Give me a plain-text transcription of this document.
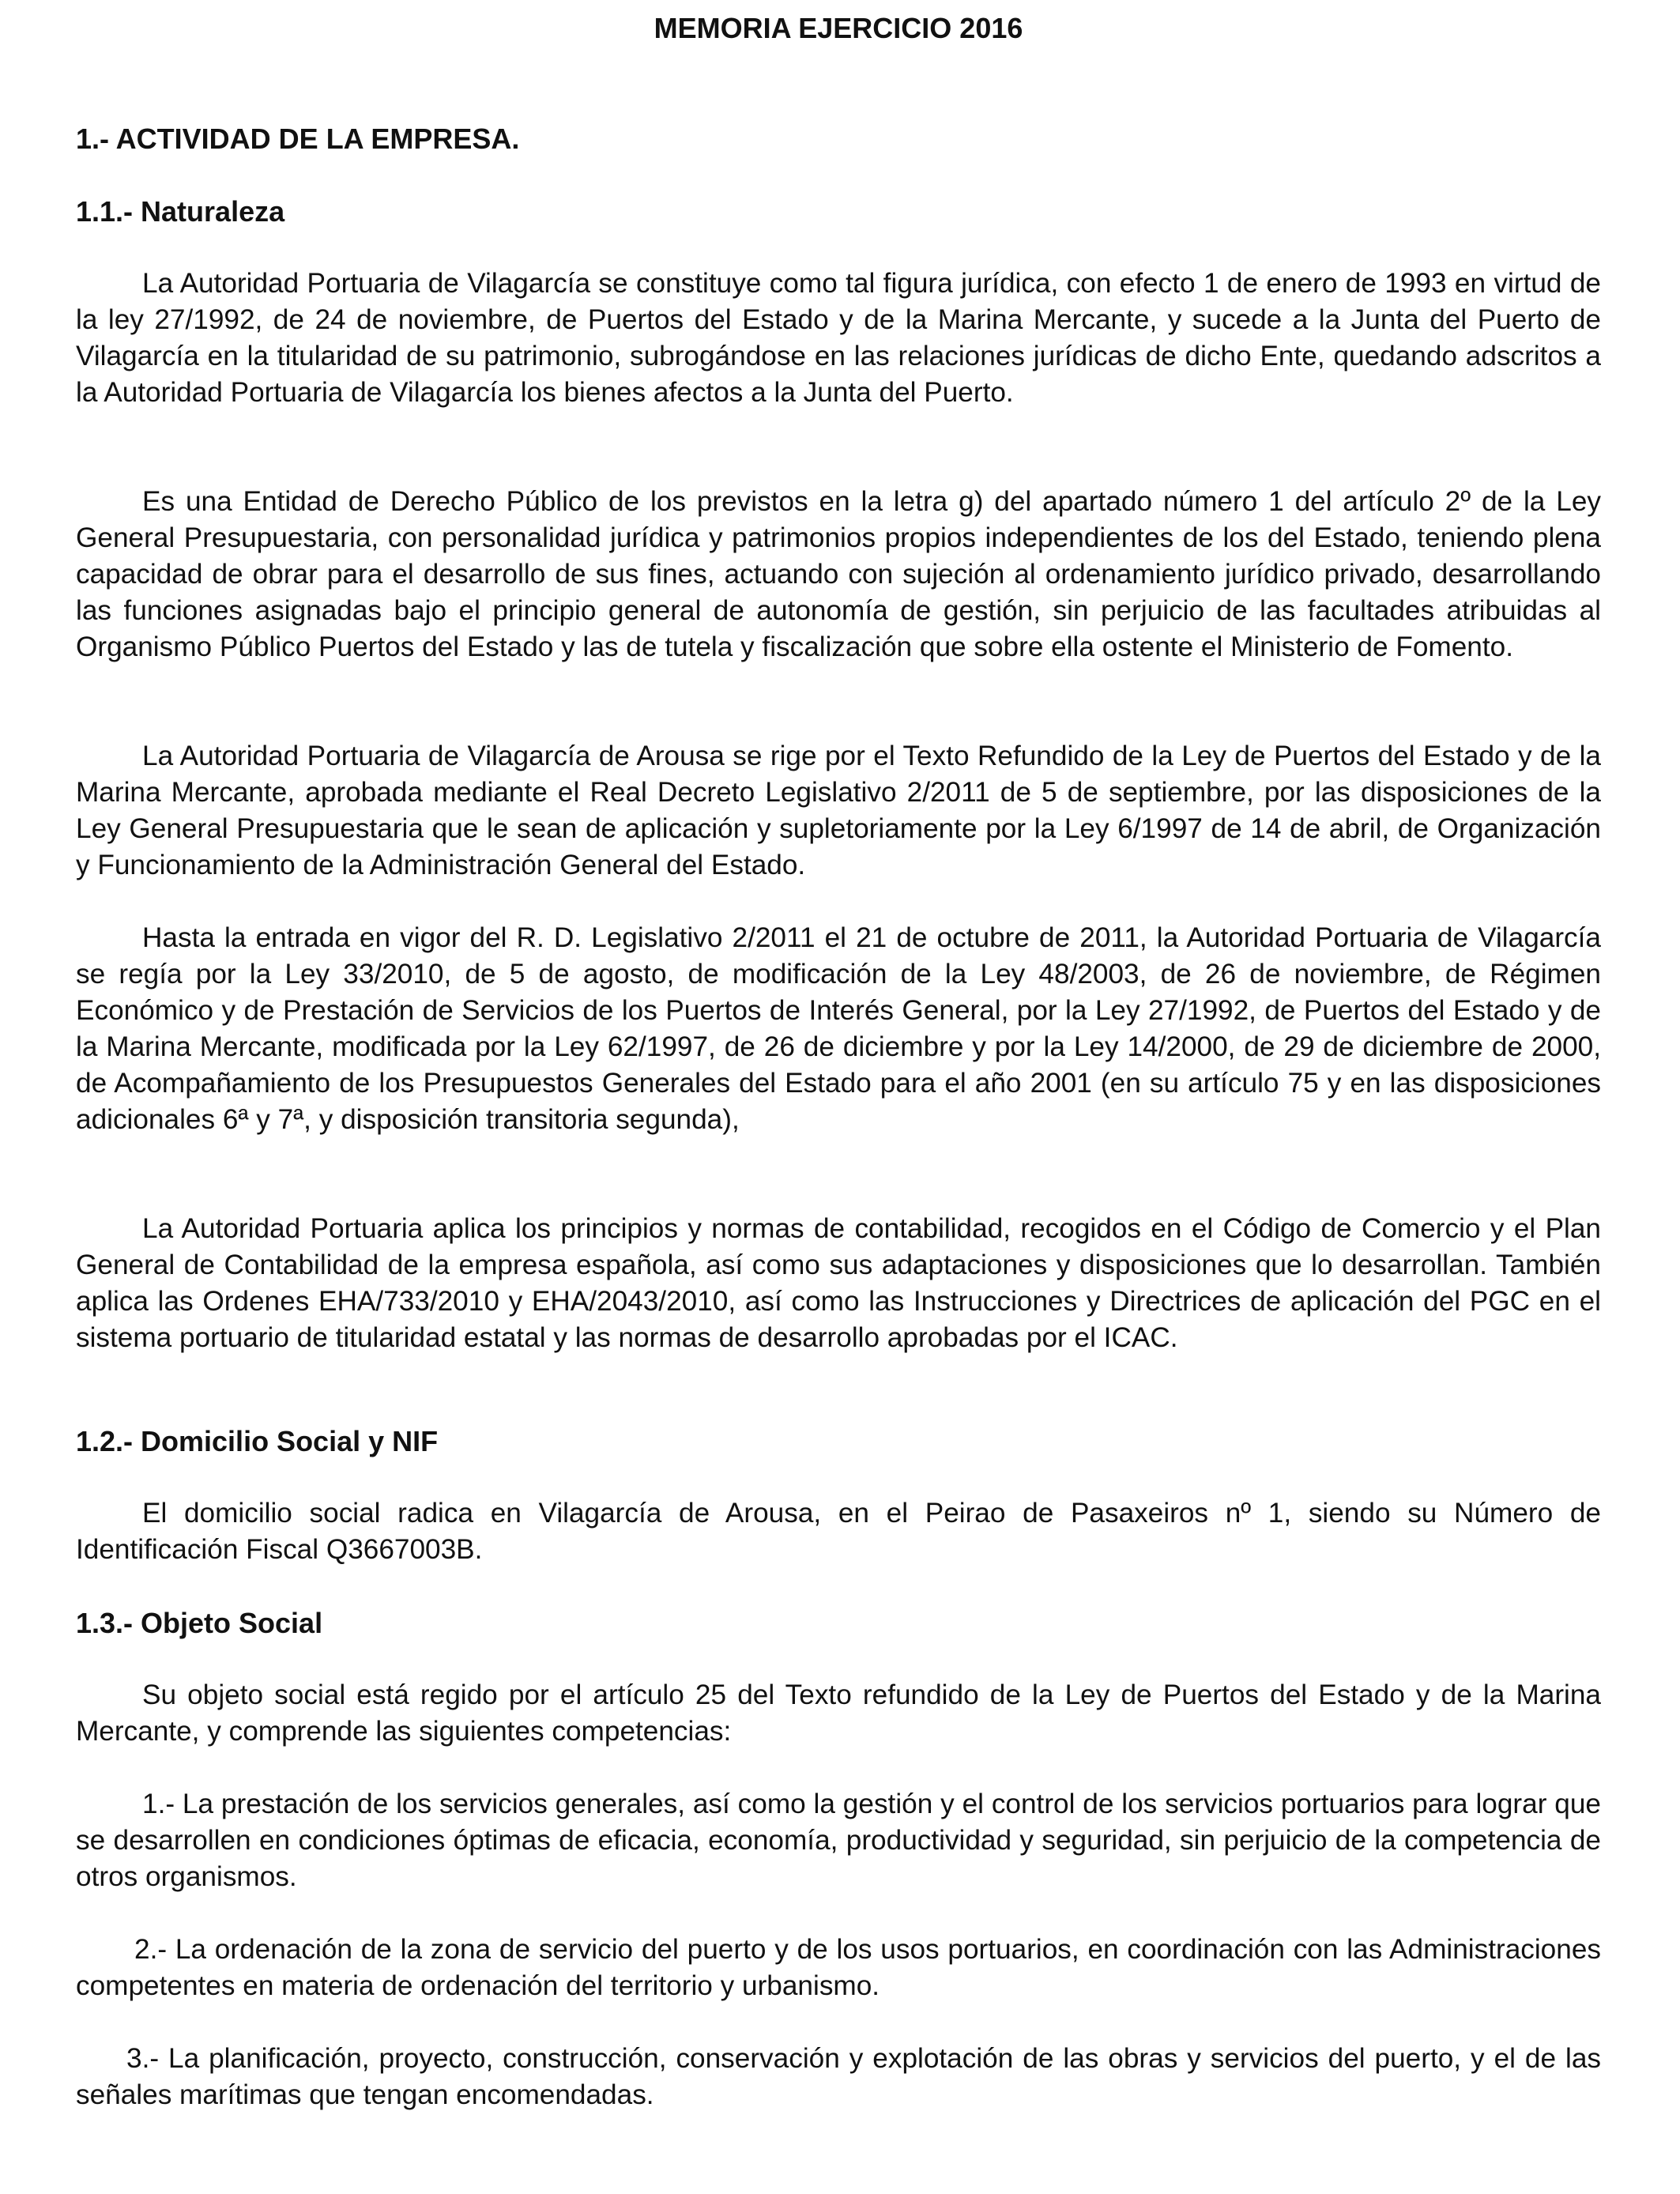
MEMORIA EJERCICIO 2016
1.- ACTIVIDAD DE LA EMPRESA.
1.1.- Naturaleza

La Autoridad Portuaria de Vilagarcía se constituye como tal figura jurídica, con efecto 1 de enero de 1993 en virtud de la ley 27/1992, de 24 de noviembre, de Puertos del Estado y de la Marina Mercante, y sucede a la Junta del Puerto de Vilagarcía en la titularidad de su patrimonio, subrogándose en las relaciones jurídicas de dicho Ente, quedando adscritos a la Autoridad Portuaria de Vilagarcía los bienes afectos a la Junta del Puerto.

Es una Entidad de Derecho Público de los previstos en la letra g) del apartado número 1 del artículo 2º de la Ley General Presupuestaria, con personalidad jurídica y patrimonios propios independientes de los del Estado, teniendo plena capacidad de obrar para el desarrollo de sus fines, actuando con sujeción al ordenamiento jurídico privado, desarrollando las funciones asignadas bajo el principio general de autonomía de gestión, sin perjuicio de las facultades atribuidas al Organismo Público Puertos del Estado y las de tutela y fiscalización que sobre ella ostente el Ministerio de Fomento.

La Autoridad Portuaria de Vilagarcía de Arousa se rige por el Texto Refundido de la Ley de Puertos del Estado y de la Marina Mercante, aprobada mediante el Real Decreto Legislativo 2/2011 de 5 de septiembre, por las disposiciones de la Ley General Presupuestaria que le sean de aplicación y supletoriamente por la Ley 6/1997 de 14 de abril, de Organización y Funcionamiento de la Administración General del Estado.

Hasta la entrada en vigor del R. D. Legislativo 2/2011 el 21 de octubre de 2011, la Autoridad Portuaria de Vilagarcía se regía por la Ley 33/2010, de 5 de agosto, de modificación de la Ley 48/2003, de 26 de noviembre, de Régimen Económico y de Prestación de Servicios de los Puertos de Interés General, por la Ley 27/1992, de Puertos del Estado y de la Marina Mercante, modificada por la Ley 62/1997, de 26 de diciembre y por la Ley 14/2000, de 29 de diciembre de 2000, de Acompañamiento de los Presupuestos Generales del Estado para el año 2001 (en su artículo 75 y en las disposiciones adicionales 6ª y 7ª, y disposición transitoria segunda),

La Autoridad Portuaria aplica los principios y normas de contabilidad, recogidos en el Código de Comercio y el Plan General de Contabilidad de la empresa española, así como sus adaptaciones y disposiciones que lo desarrollan. También aplica las Ordenes EHA/733/2010 y EHA/2043/2010, así como las Instrucciones y Directrices de aplicación del PGC en el sistema portuario de titularidad estatal y las normas de desarrollo aprobadas por el ICAC.

1.2.- Domicilio Social y NIF

El domicilio social radica en Vilagarcía de Arousa, en el Peirao de Pasaxeiros nº 1, siendo su Número de Identificación Fiscal Q3667003B.

1.3.- Objeto Social

Su objeto social está regido por el artículo 25 del Texto refundido de la Ley de Puertos del Estado y de la Marina Mercante, y comprende las siguientes competencias:

1.- La prestación de los servicios generales, así como la gestión y el control de los servicios portuarios para lograr que se desarrollen en condiciones óptimas de eficacia, economía, productividad y seguridad, sin perjuicio de la competencia de otros organismos.

2.- La ordenación de la zona de servicio del puerto y de los usos portuarios, en coordinación con las Administraciones competentes en materia de ordenación del territorio y urbanismo.

3.- La planificación, proyecto, construcción, conservación y explotación de las obras y servicios del puerto, y el de las señales marítimas que tengan encomendadas.
